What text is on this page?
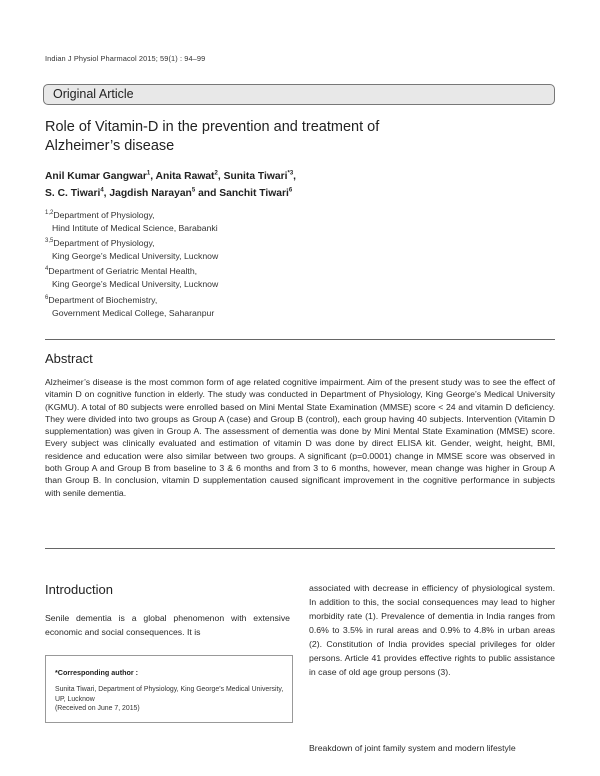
Indian J Physiol Pharmacol 2015; 59(1) : 94–99
Original Article
Role of Vitamin-D in the prevention and treatment of
Alzheimer’s disease
Anil Kumar Gangwar$^1$, Anita Rawat$^2$, Sunita Tiwari$^{*3}$,
S. C. Tiwari$^4$, Jagdish Narayan$^5$ and Sanchit Tiwari$^6$
$^{1,2}$Department of Physiology,
Hind Intitute of Medical Science, Barabanki
$^{3,5}$Department of Physiology,
King George’s Medical University, Lucknow
$^4$Department of Geriatric Mental Health,
King George’s Medical University, Lucknow
$^6$Department of Biochemistry,
Government Medical College, Saharanpur
Abstract
Alzheimer’s disease is the most common form of age related cognitive impairment. Aim of the present study was to see the effect of vitamin D on cognitive function in elderly. The study was conducted in Department of Physiology, King George’s Medical University (KGMU). A total of 80 subjects were enrolled based on Mini Mental State Examination (MMSE) score < 24 and vitamin D deficiency. They were divided into two groups as Group A (case) and Group B (control), each group having 40 subjects. Intervention (Vitamin D supplementation) was given in Group A. The assessment of dementia was done by Mini Mental State Examination (MMSE) score. Every subject was clinically evaluated and estimation of vitamin D was done by direct ELISA kit. Gender, weight, height, BMI, residence and education were also similar between two groups. A significant (p=0.0001) change in MMSE score was observed in both Group A and Group B from baseline to 3 & 6 months and from 3 to 6 months, however, mean change was higher in Group A than Group B. In conclusion, vitamin D supplementation caused significant improvement in the cognitive performance in subjects with senile dementia.
Introduction
Senile dementia is a global phenomenon with extensive economic and social consequences. It is
associated with decrease in efficiency of physiological system. In addition to this, the social consequences may lead to higher morbidity rate (1). Prevalence of dementia in India ranges from 0.6% to 3.5% in rural areas and 0.9% to 4.8% in urban areas (2). Constitution of India provides special privileges for older persons. Article 41 provides effective rights to public assistance in case of old age group persons (3).
Breakdown of joint family system and modern lifestyle
*Corresponding author :
Sunita Tiwari, Department of Physiology, King George’s Medical University, UP, Lucknow
(Received on June 7, 2015)
